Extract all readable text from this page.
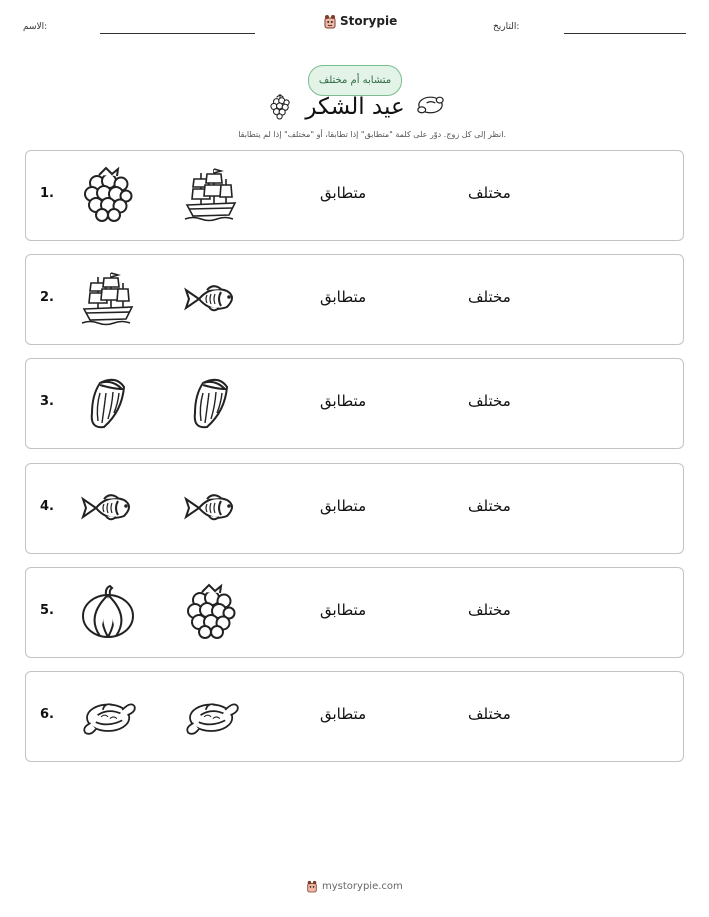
الاسم:	Storypie	التاريخ:
متشابه أم مختلف
عيد الشكر
انظر إلى كل زوج. دوّر على كلمة "متطابق" إذا تطابقا، أو "مختلف" إذا لم يتطابقا.
1.	متطابق	مختلف
2.	متطابق	مختلف
3.	متطابق	مختلف
4.	متطابق	مختلف
5.	متطابق	مختلف
6.	متطابق	مختلف
mystorypie.com
